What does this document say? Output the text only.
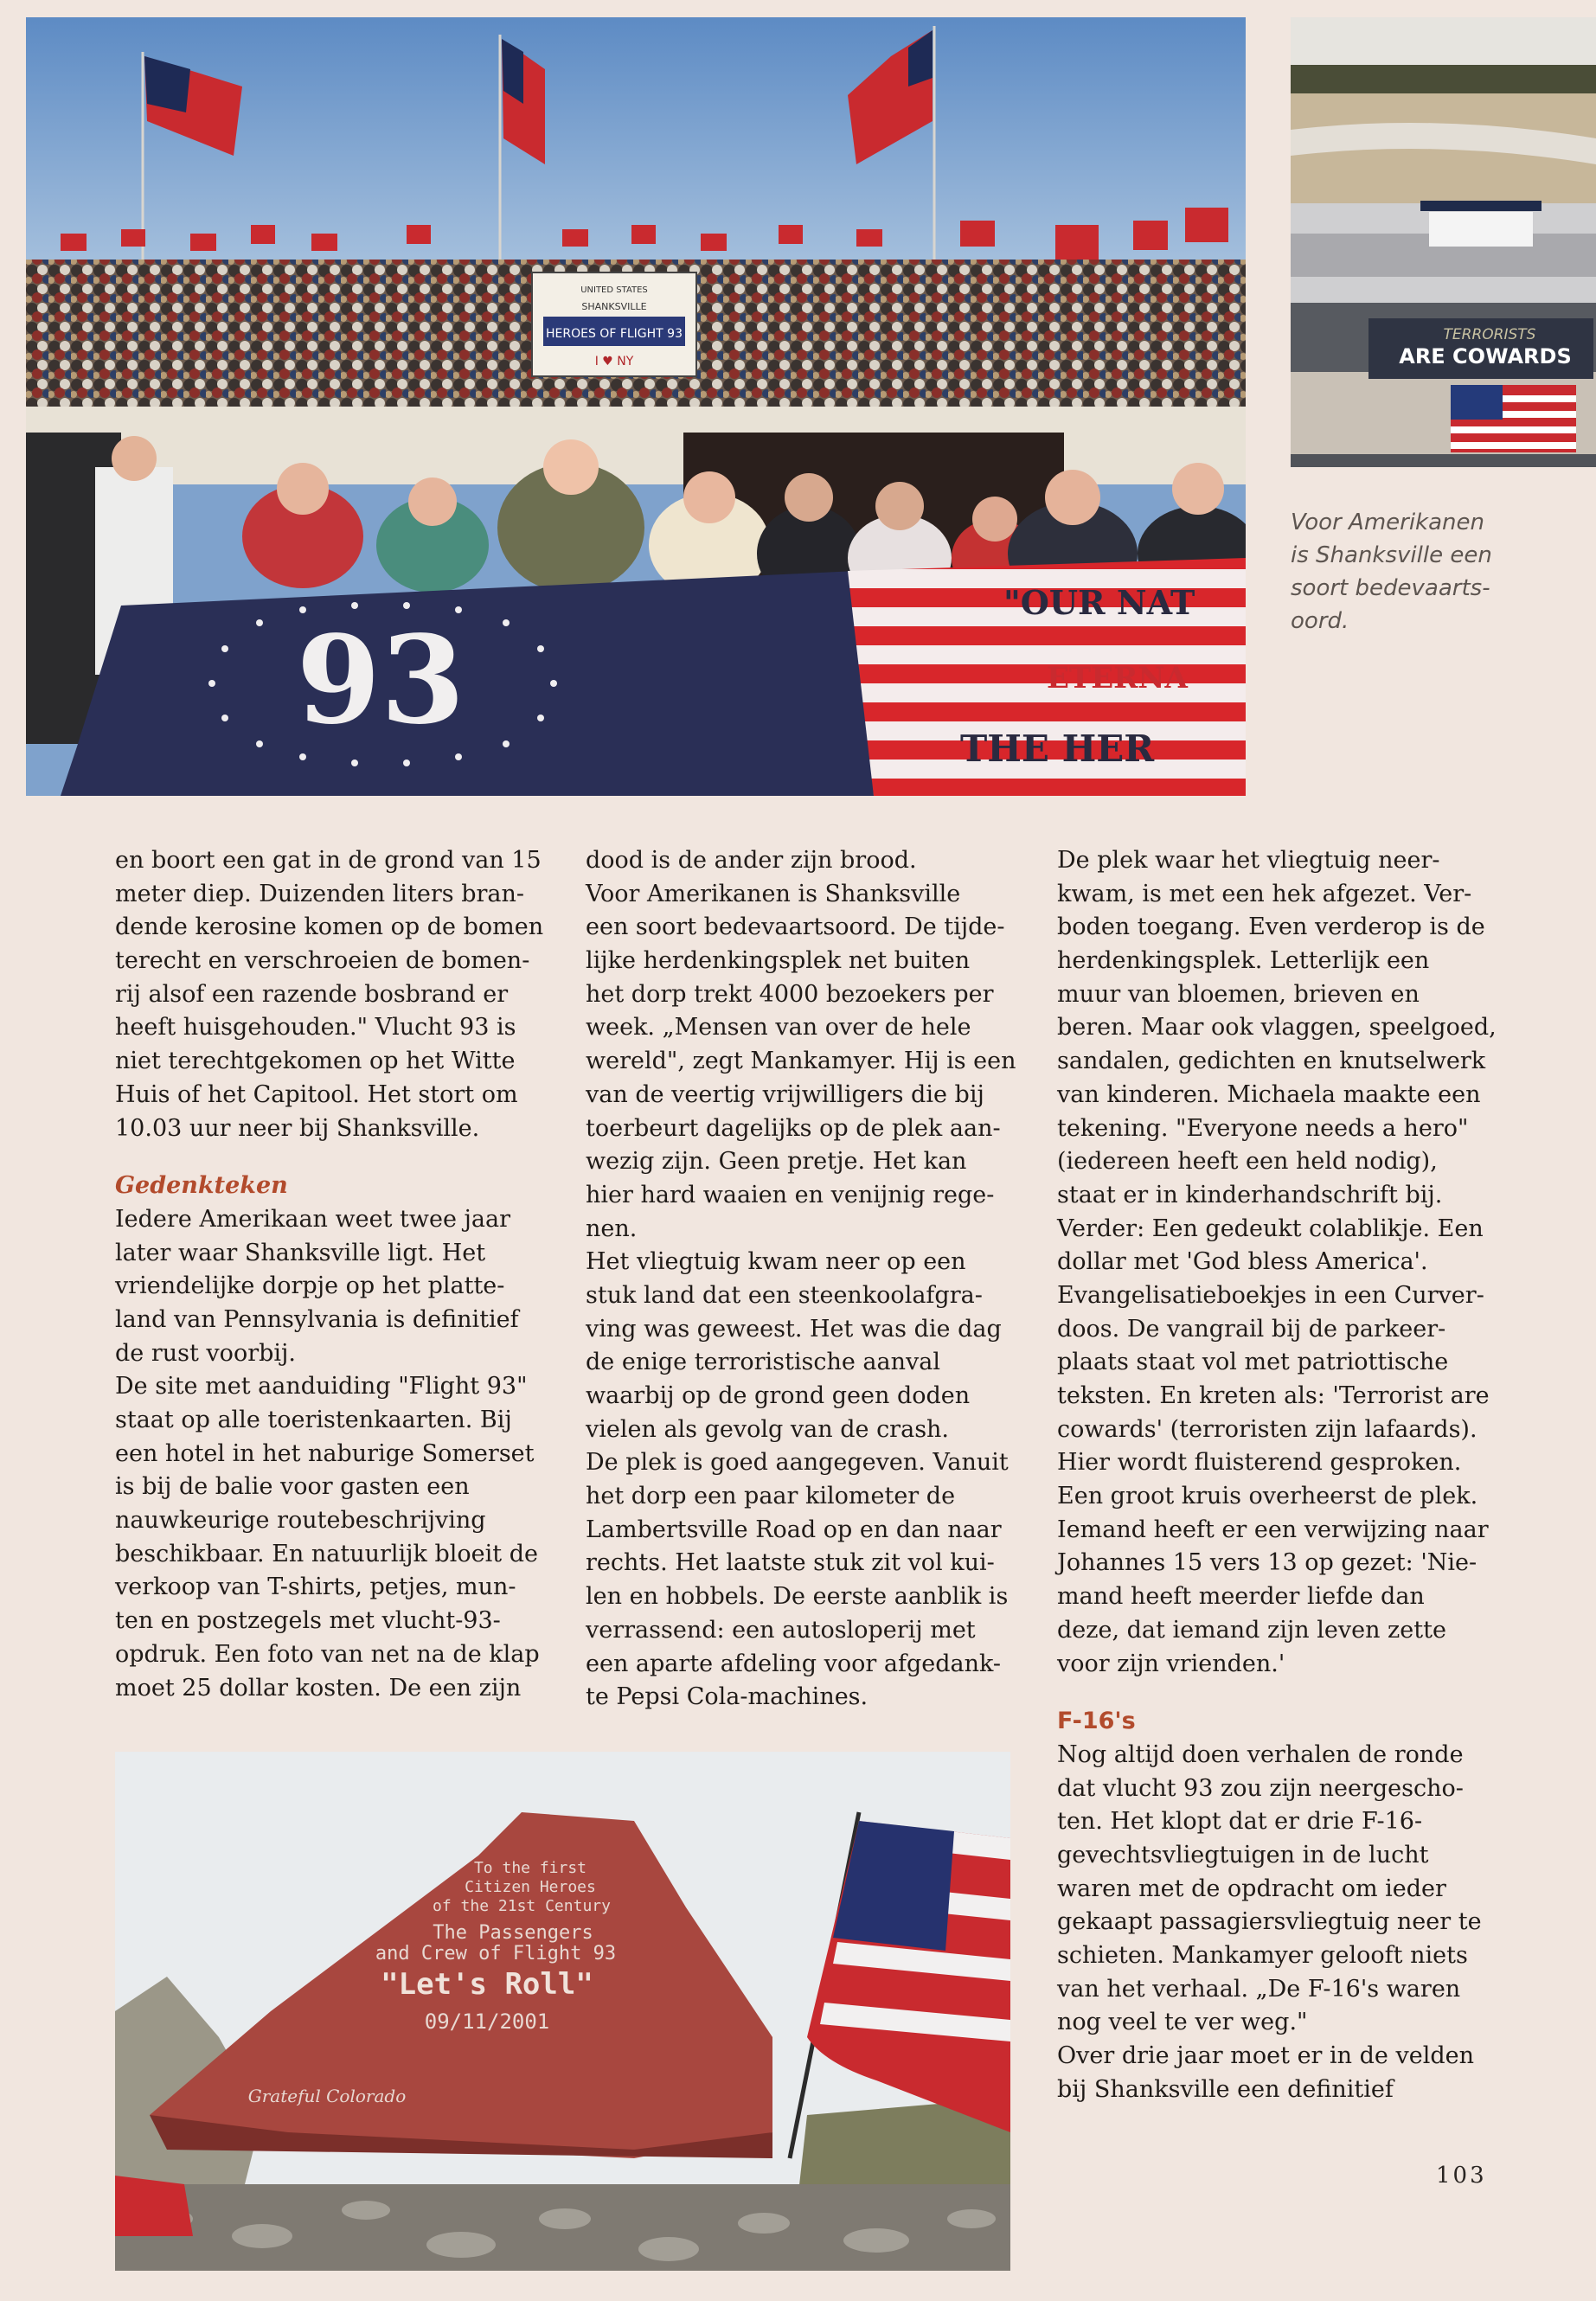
UNITED STATES
SHANKSVILLE
HEROES OF FLIGHT 93
I ♥ NY
93
"OUR NAT
ETERNA
THE HER
TERRORISTS
ARE COWARDS
Voor Amerikanen
is Shanksville een
soort bedevaarts-
oord.
en boort een gat in de grond van 15
meter diep. Duizenden liters bran-
dende kerosine komen op de bomen
terecht en verschroeien de bomen-
rij alsof een razende bosbrand er
heeft huisgehouden." Vlucht 93 is
niet terechtgekomen op het Witte
Huis of het Capitool. Het stort om
10.03 uur neer bij Shanksville.
Gedenkteken
Iedere Amerikaan weet twee jaar
later waar Shanksville ligt. Het
vriendelijke dorpje op het platte-
land van Pennsylvania is definitief
de rust voorbij.
De site met aanduiding "Flight 93"
staat op alle toeristenkaarten. Bij
een hotel in het naburige Somerset
is bij de balie voor gasten een
nauwkeurige routebeschrijving
beschikbaar. En natuurlijk bloeit de
verkoop van T-shirts, petjes, mun-
ten en postzegels met vlucht-93-
opdruk. Een foto van net na de klap
moet 25 dollar kosten. De een zijn
dood is de ander zijn brood.
Voor Amerikanen is Shanksville
een soort bedevaartsoord. De tijde-
lijke herdenkingsplek net buiten
het dorp trekt 4000 bezoekers per
week. „Mensen van over de hele
wereld", zegt Mankamyer. Hij is een
van de veertig vrijwilligers die bij
toerbeurt dagelijks op de plek aan-
wezig zijn. Geen pretje. Het kan
hier hard waaien en venijnig rege-
nen.
Het vliegtuig kwam neer op een
stuk land dat een steenkoolafgra-
ving was geweest. Het was die dag
de enige terroristische aanval
waarbij op de grond geen doden
vielen als gevolg van de crash.
De plek is goed aangegeven. Vanuit
het dorp een paar kilometer de
Lambertsville Road op en dan naar
rechts. Het laatste stuk zit vol kui-
len en hobbels. De eerste aanblik is
verrassend: een autosloperij met
een aparte afdeling voor afgedank-
te Pepsi Cola-machines.
De plek waar het vliegtuig neer-
kwam, is met een hek afgezet. Ver-
boden toegang. Even verderop is de
herdenkingsplek. Letterlijk een
muur van bloemen, brieven en
beren. Maar ook vlaggen, speelgoed,
sandalen, gedichten en knutselwerk
van kinderen. Michaela maakte een
tekening. "Everyone needs a hero"
(iedereen heeft een held nodig),
staat er in kinderhandschrift bij.
Verder: Een gedeukt colablikje. Een
dollar met 'God bless America'.
Evangelisatieboekjes in een Curver-
doos. De vangrail bij de parkeer-
plaats staat vol met patriottische
teksten. En kreten als: 'Terrorist are
cowards' (terroristen zijn lafaards).
Hier wordt fluisterend gesproken.
Een groot kruis overheerst de plek.
Iemand heeft er een verwijzing naar
Johannes 15 vers 13 op gezet: 'Nie-
mand heeft meerder liefde dan
deze, dat iemand zijn leven zette
voor zijn vrienden.'
F-16's
Nog altijd doen verhalen de ronde
dat vlucht 93 zou zijn neergescho-
ten. Het klopt dat er drie F-16-
gevechtsvliegtuigen in de lucht
waren met de opdracht om ieder
gekaapt passagiersvliegtuig neer te
schieten. Mankamyer gelooft niets
van het verhaal. „De F-16's waren
nog veel te ver weg."
Over drie jaar moet er in de velden
bij Shanksville een definitief
To the first
Citizen Heroes
of the 21st Century
The Passengers
and Crew of Flight 93
"Let's Roll"
09/11/2001
Grateful Colorado
103
